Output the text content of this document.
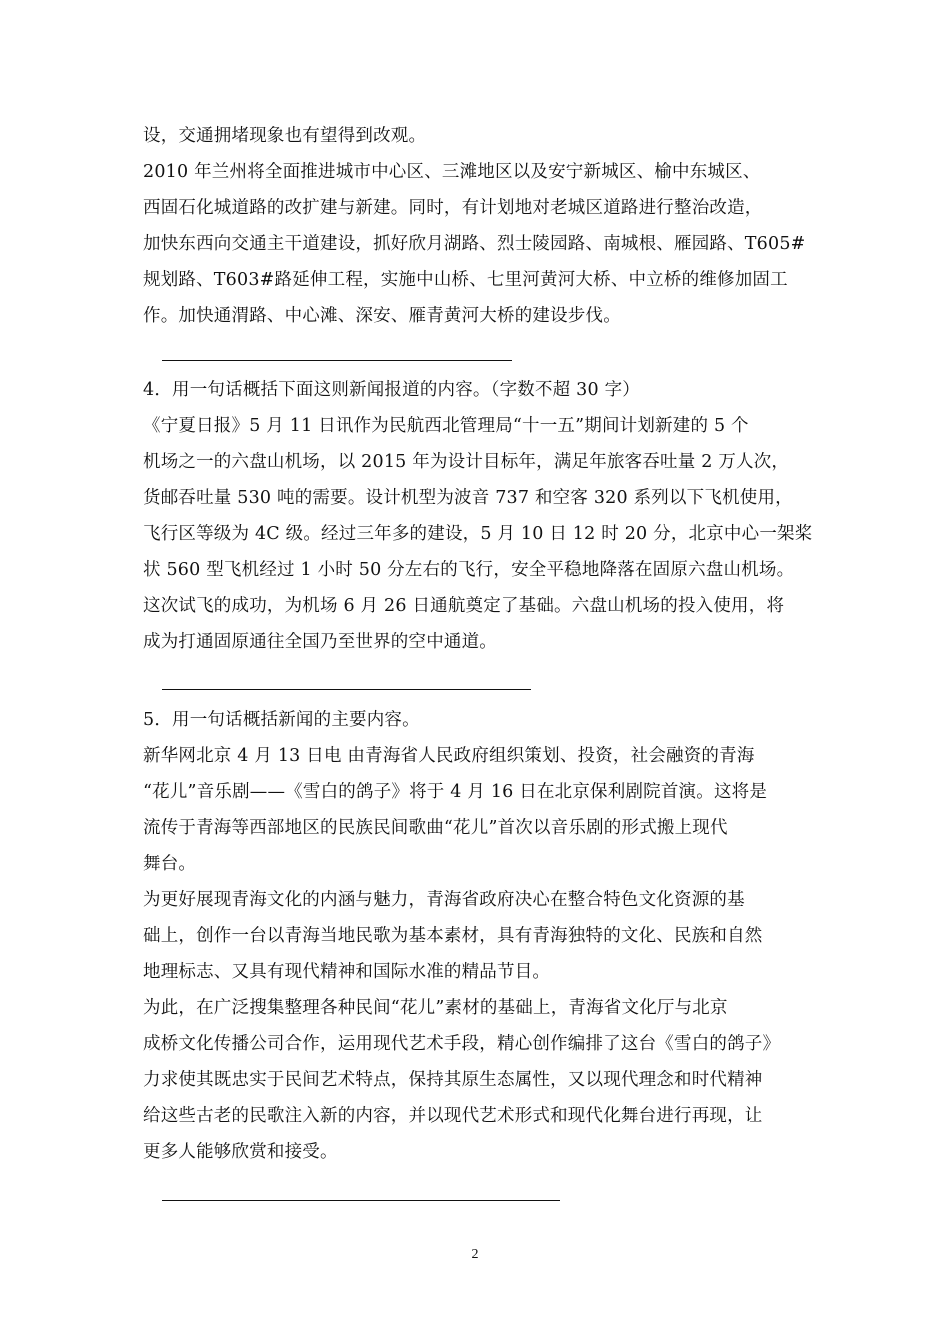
设，交通拥堵现象也有望得到改观。
2010 年兰州将全面推进城市中心区、三滩地区以及安宁新城区、榆中东城区、
西固石化城道路的改扩建与新建。同时，有计划地对老城区道路进行整治改造，
加快东西向交通主干道建设，抓好欣月湖路、烈士陵园路、南城根、雁园路、T605#
规划路、T603#路延伸工程，实施中山桥、七里河黄河大桥、中立桥的维修加固工
作。加快通渭路、中心滩、深安、雁青黄河大桥的建设步伐。
4．用一句话概括下面这则新闻报道的内容。（字数不超 30 字）
《宁夏日报》5 月 11 日讯作为民航西北管理局“十一五”期间计划新建的 5 个
机场之一的六盘山机场，以 2015 年为设计目标年，满足年旅客吞吐量 2 万人次，
货邮吞吐量 530 吨的需要。设计机型为波音 737 和空客 320 系列以下飞机使用，
飞行区等级为 4C 级。经过三年多的建设，5 月 10 日 12 时 20 分，北京中心一架桨
状 560 型飞机经过 1 小时 50 分左右的飞行，安全平稳地降落在固原六盘山机场。
这次试飞的成功，为机场 6 月 26 日通航奠定了基础。六盘山机场的投入使用，将
成为打通固原通往全国乃至世界的空中通道。
5．用一句话概括新闻的主要内容。
新华网北京 4 月 13 日电 由青海省人民政府组织策划、投资，社会融资的青海
“花儿”音乐剧——《雪白的鸽子》将于 4 月 16 日在北京保利剧院首演。这将是
流传于青海等西部地区的民族民间歌曲“花儿”首次以音乐剧的形式搬上现代
舞台。
为更好展现青海文化的内涵与魅力，青海省政府决心在整合特色文化资源的基
础上，创作一台以青海当地民歌为基本素材，具有青海独特的文化、民族和自然
地理标志、又具有现代精神和国际水准的精品节目。
为此，在广泛搜集整理各种民间“花儿”素材的基础上，青海省文化厅与北京
成桥文化传播公司合作，运用现代艺术手段，精心创作编排了这台《雪白的鸽子》
力求使其既忠实于民间艺术特点，保持其原生态属性，又以现代理念和时代精神
给这些古老的民歌注入新的内容，并以现代艺术形式和现代化舞台进行再现，让
更多人能够欣赏和接受。
2
